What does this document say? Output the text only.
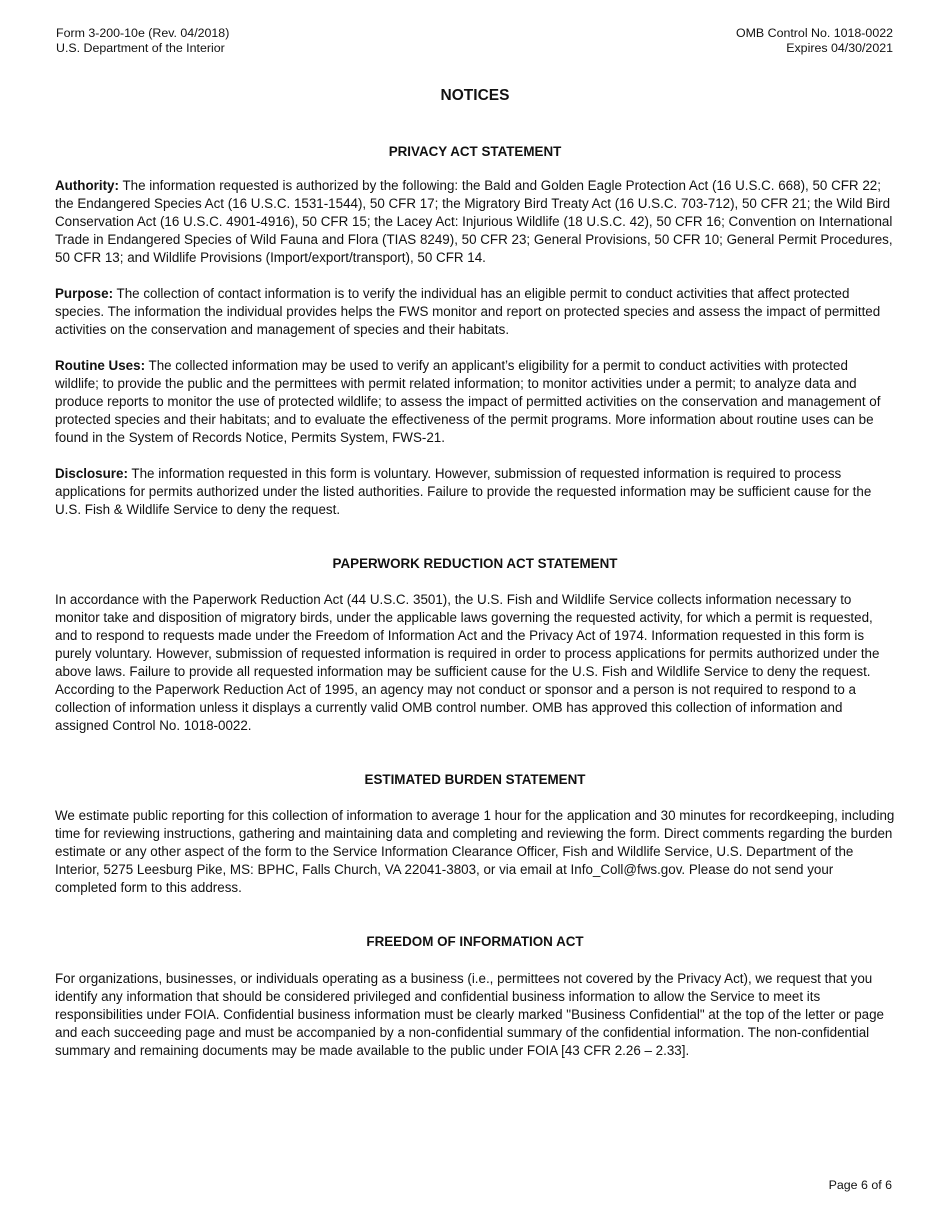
Form 3-200-10e (Rev. 04/2018)
U.S. Department of the Interior
OMB Control No. 1018-0022
Expires 04/30/2021
NOTICES
PRIVACY ACT STATEMENT

Authority: The information requested is authorized by the following: the Bald and Golden Eagle Protection Act (16 U.S.C. 668), 50 CFR 22; the Endangered Species Act (16 U.S.C. 1531-1544), 50 CFR 17; the Migratory Bird Treaty Act (16 U.S.C. 703-712), 50 CFR 21; the Wild Bird Conservation Act (16 U.S.C. 4901-4916), 50 CFR 15; the Lacey Act: Injurious Wildlife (18 U.S.C. 42), 50 CFR 16; Convention on International Trade in Endangered Species of Wild Fauna and Flora (TIAS 8249), 50 CFR 23; General Provisions, 50 CFR 10; General Permit Procedures, 50 CFR 13; and Wildlife Provisions (Import/export/transport), 50 CFR 14.

Purpose: The collection of contact information is to verify the individual has an eligible permit to conduct activities that affect protected species. The information the individual provides helps the FWS monitor and report on protected species and assess the impact of permitted activities on the conservation and management of species and their habitats.

Routine Uses: The collected information may be used to verify an applicant’s eligibility for a permit to conduct activities with protected wildlife; to provide the public and the permittees with permit related information; to monitor activities under a permit; to analyze data and produce reports to monitor the use of protected wildlife; to assess the impact of permitted activities on the conservation and management of protected species and their habitats; and to evaluate the effectiveness of the permit programs. More information about routine uses can be found in the System of Records Notice, Permits System, FWS-21.

Disclosure: The information requested in this form is voluntary. However, submission of requested information is required to process applications for permits authorized under the listed authorities. Failure to provide the requested information may be sufficient cause for the U.S. Fish & Wildlife Service to deny the request.

PAPERWORK REDUCTION ACT STATEMENT

In accordance with the Paperwork Reduction Act (44 U.S.C. 3501), the U.S. Fish and Wildlife Service collects information necessary to monitor take and disposition of migratory birds, under the applicable laws governing the requested activity, for which a permit is requested, and to respond to requests made under the Freedom of Information Act and the Privacy Act of 1974. Information requested in this form is purely voluntary. However, submission of requested information is required in order to process applications for permits authorized under the above laws. Failure to provide all requested information may be sufficient cause for the U.S. Fish and Wildlife Service to deny the request. According to the Paperwork Reduction Act of 1995, an agency may not conduct or sponsor and a person is not required to respond to a collection of information unless it displays a currently valid OMB control number. OMB has approved this collection of information and assigned Control No. 1018-0022.

ESTIMATED BURDEN STATEMENT

We estimate public reporting for this collection of information to average 1 hour for the application and 30 minutes for recordkeeping, including time for reviewing instructions, gathering and maintaining data and completing and reviewing the form. Direct comments regarding the burden estimate or any other aspect of the form to the Service Information Clearance Officer, Fish and Wildlife Service, U.S. Department of the Interior, 5275 Leesburg Pike, MS: BPHC, Falls Church, VA 22041-3803, or via email at Info_Coll@fws.gov. Please do not send your completed form to this address.

FREEDOM OF INFORMATION ACT

For organizations, businesses, or individuals operating as a business (i.e., permittees not covered by the Privacy Act), we request that you identify any information that should be considered privileged and confidential business information to allow the Service to meet its responsibilities under FOIA. Confidential business information must be clearly marked "Business Confidential" at the top of the letter or page and each succeeding page and must be accompanied by a non-confidential summary of the confidential information. The non-confidential summary and remaining documents may be made available to the public under FOIA [43 CFR 2.26 – 2.33].

Page 6 of 6
